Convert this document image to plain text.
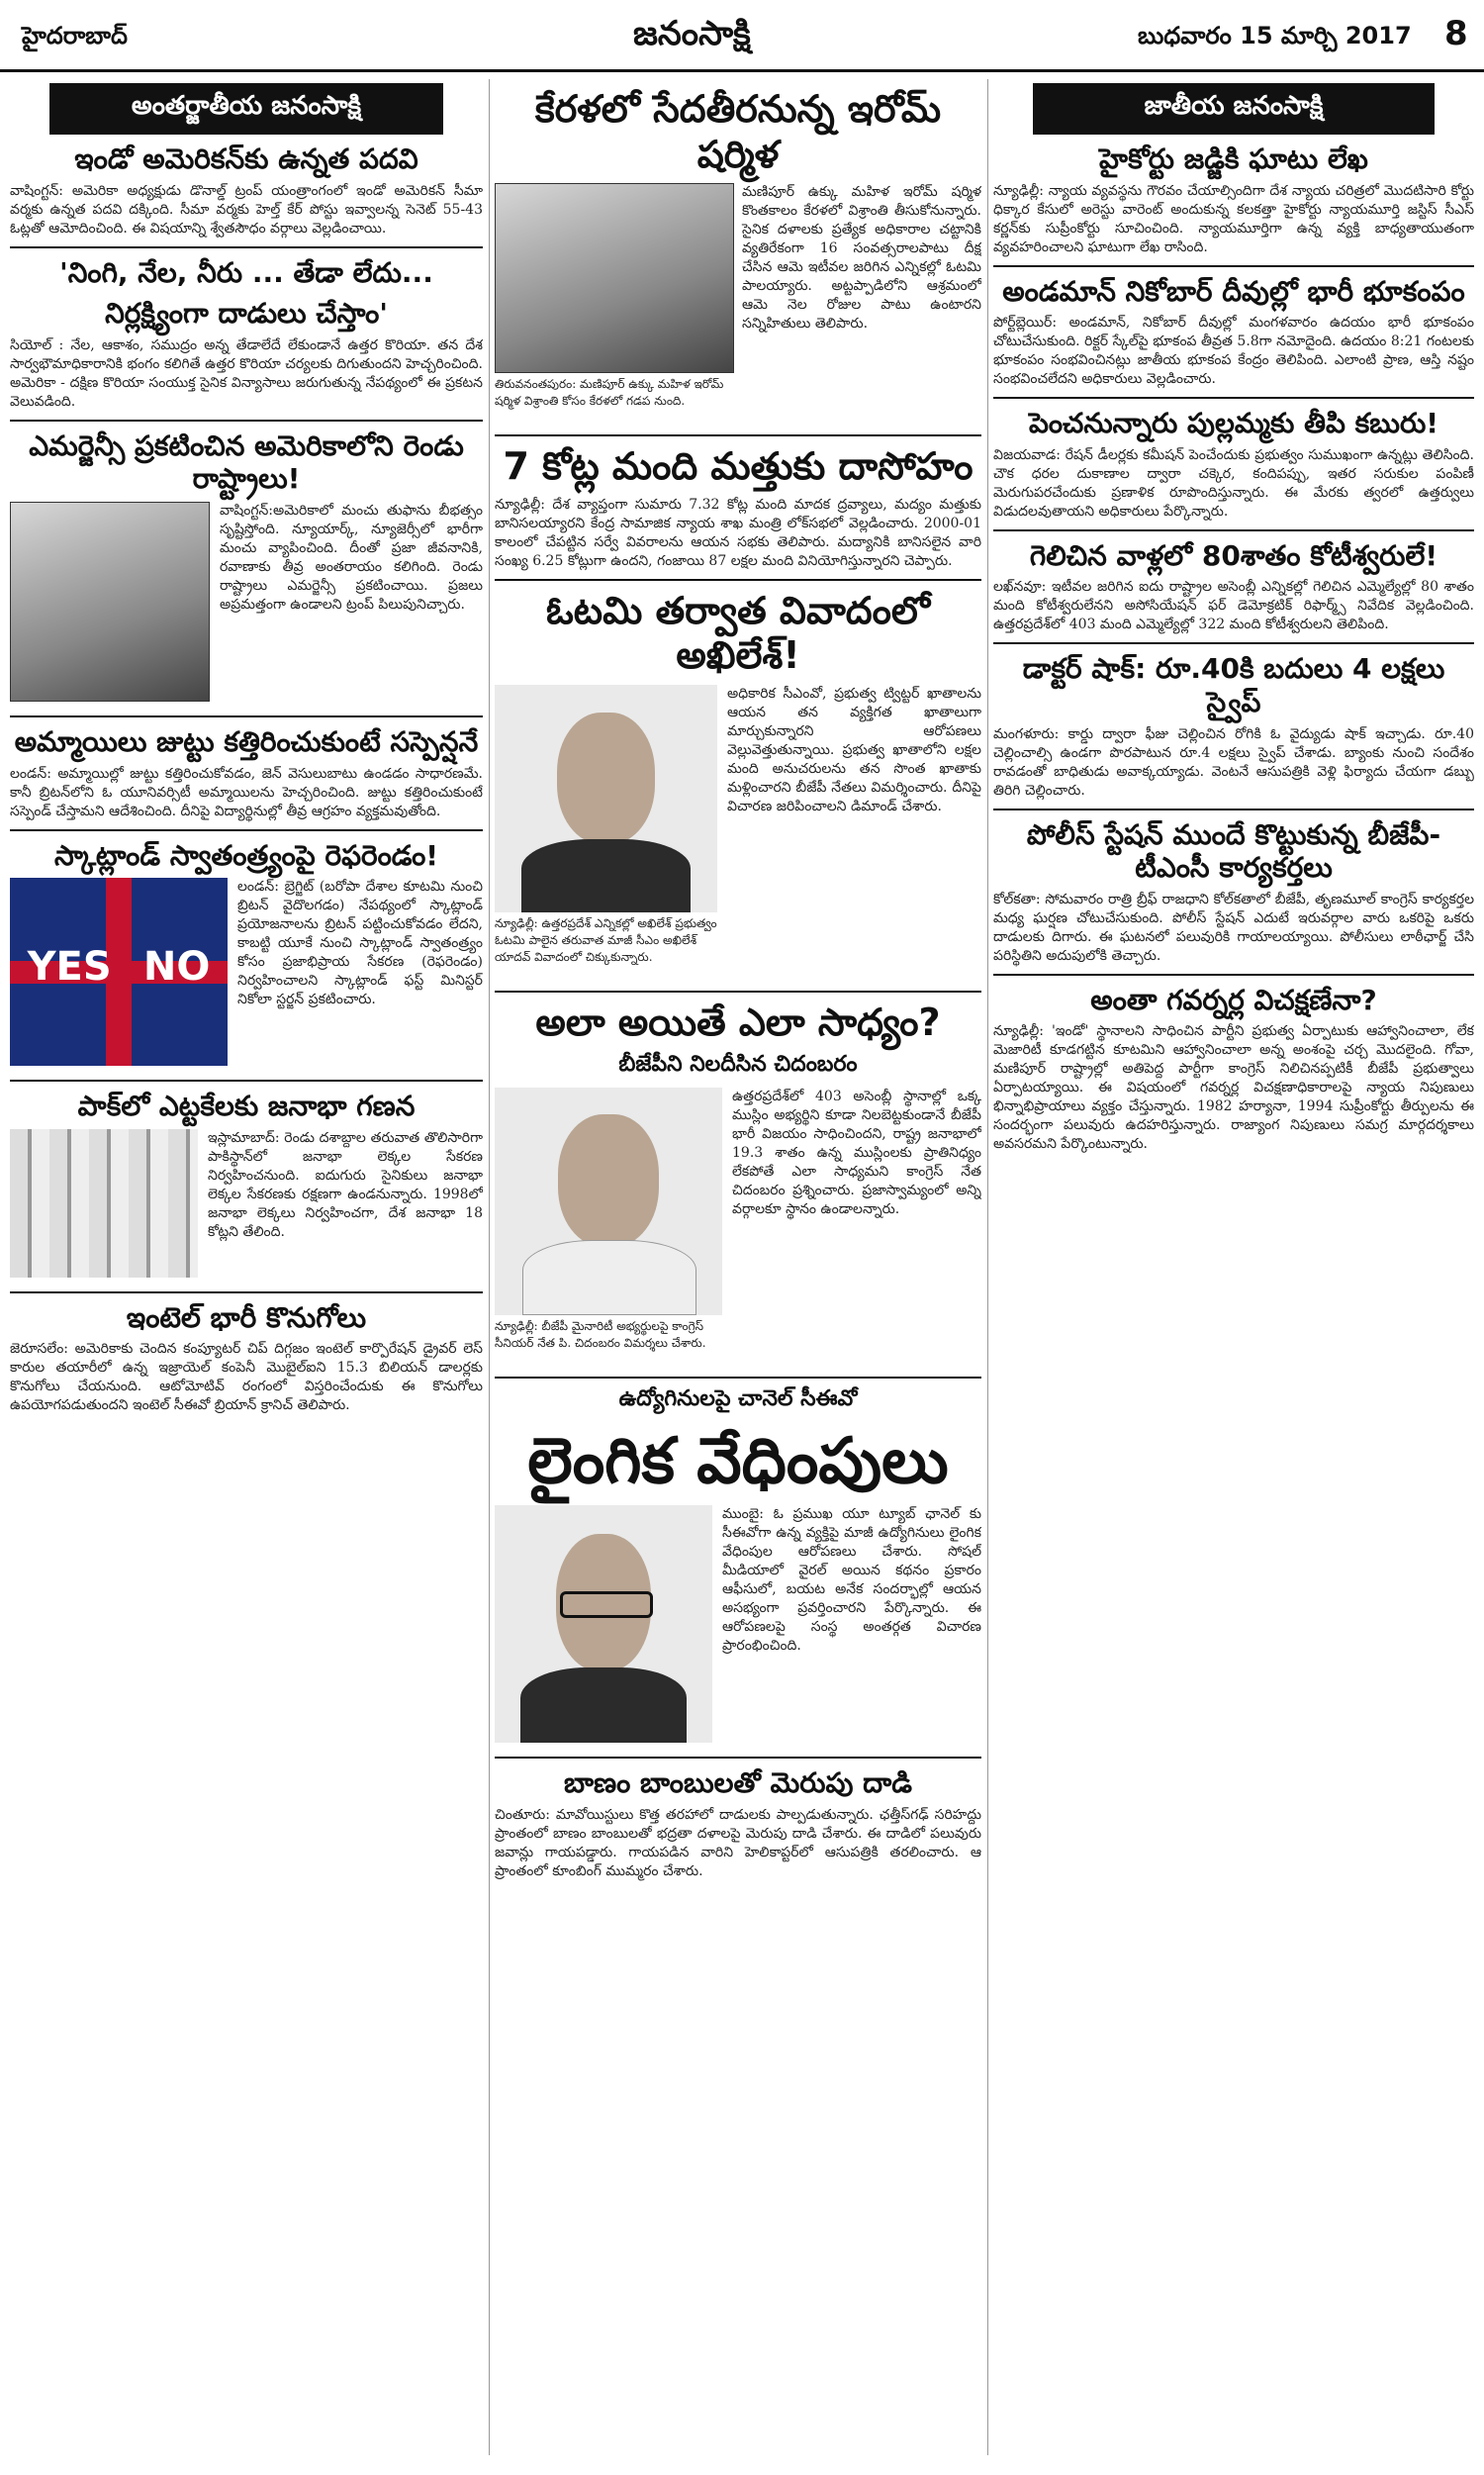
హైదరాబాద్	జనంసాక్షి	బుధవారం 15 మార్చి 2017 8
అంతర్జాతీయ జనంసాక్షి
ఇండో అమెరికన్‌కు ఉన్నత పదవి

వాషింగ్టన్‌: అమెరికా అధ్యక్షుడు డొనాల్డ్‌ ట్రంప్‌ యంత్రాంగంలో ఇండో అమెరికన్‌ సీమా వర్మకు ఉన్నత పదవి దక్కింది. సీమా వర్మకు హెల్త్‌ కేర్‌ పోస్టు ఇవ్వాలన్న సెనెట్‌ 55-43 ఓట్లతో ఆమోదించింది. ఈ విషయాన్ని శ్వేతసౌధం వర్గాలు వెల్లడించాయి.

'నింగి, నేల, నీరు ... తేడా లేదు...
నిర్లక్ష్యింగా దాడులు చేస్తాం'

సియోల్‌ : నేల, ఆకాశం, సముద్రం అన్న తేడాలేదే లేకుండానే ఉత్తర కొరియా. తన దేశ సార్వభౌమాధికారానికి భంగం కలిగితే ఉత్తర కొరియా చర్యలకు దిగుతుందని హెచ్చరించింది. అమెరికా - దక్షిణ కొరియా సంయుక్త సైనిక విన్యాసాలు జరుగుతున్న నేపథ్యంలో ఈ ప్రకటన వెలువడింది.

ఎమర్జెన్సీ ప్రకటించిన అమెరికాలోని రెండు రాష్ట్రాలు!

వాషింగ్టన్‌:అమెరికాలో మంచు తుఫాను బీభత్సం సృష్టిస్తోంది. న్యూయార్క్‌, న్యూజెర్సీలో భారీగా మంచు వ్యాపించింది. దీంతో ప్రజా జీవనానికి, రవాణాకు తీవ్ర అంతరాయం కలిగింది. రెండు రాష్ట్రాలు ఎమర్జెన్సీ ప్రకటించాయి. ప్రజలు అప్రమత్తంగా ఉండాలని ట్రంప్‌ పిలుపునిచ్చారు.

అమ్మాయిలు జుట్టు కత్తిరించుకుంటే సస్పెన్షనే

లండన్‌: అమ్మాయిల్లో జుట్టు కత్తిరించుకోవడం, జెన్‌ వెసులుబాటు ఉండడం సాధారణమే. కానీ బ్రిటన్‌లోని ఓ యూనివర్సిటీ అమ్మాయిలను హెచ్చరించింది. జుట్టు కత్తిరించుకుంటే సస్పెండ్‌ చేస్తామని ఆదేశించింది. దీనిపై విద్యార్థినుల్లో తీవ్ర ఆగ్రహం వ్యక్తమవుతోంది.

స్కాట్లాండ్‌ స్వాతంత్ర్యంపై రెఫరెండం!
YES NO

లండన్‌: బ్రెగ్జిట్‌ (బరోపా దేశాల కూటమి నుంచి బ్రిటన్‌ వైదొలగడం) నేపథ్యంలో స్కాట్లాండ్‌ ప్రయోజనాలను బ్రిటన్‌ పట్టించుకోవడం లేదని, కాబట్టి యూకే నుంచి స్కాట్లాండ్‌ స్వాతంత్ర్యం కోసం ప్రజాభిప్రాయ సేకరణ (రెఫరెండం) నిర్వహించాలని స్కాట్లాండ్‌ ఫస్ట్‌ మినిస్టర్‌ నికోలా స్టర్జన్‌ ప్రకటించారు.

పాక్‌లో ఎట్టకేలకు జనాభా గణన

ఇస్లామాబాద్‌: రెండు దశాబ్దాల తరువాత తొలిసారిగా పాకిస్థాన్‌లో జనాభా లెక్కల సేకరణ నిర్వహించనుంది. ఐదుగురు సైనికులు జనాభా లెక్కల సేకరణకు రక్షణగా ఉండనున్నారు. 1998లో జనాభా లెక్కలు నిర్వహించగా, దేశ జనాభా 18 కోట్లని తేలింది.

ఇంటెల్‌ భారీ కొనుగోలు

జెరూసలేం: అమెరికాకు చెందిన కంప్యూటర్‌ చిప్‌ దిగ్గజం ఇంటెల్‌ కార్పొరేషన్‌ డ్రైవర్‌ లెస్‌ కారుల తయారీలో ఉన్న ఇజ్రాయెల్‌ కంపెనీ మొబైల్‌ఐని 15.3 బిలియన్‌ డాలర్లకు కొనుగోలు చేయనుంది. ఆటోమోటివ్‌ రంగంలో విస్తరించేందుకు ఈ కొనుగోలు ఉపయోగపడుతుందని ఇంటెల్‌ సీఈవో బ్రియాన్‌ క్రానిచ్‌ తెలిపారు.

కేరళలో సేదతీరనున్న ఇరోమ్‌ షర్మిళ
తిరువనంతపురం: మణిపూర్‌ ఉక్కు మహిళ ఇరోమ్‌ షర్మిళ విశ్రాంతి కోసం కేరళలో గడప నుంది.

మణిపూర్‌ ఉక్కు మహిళ ఇరోమ్‌ షర్మిళ కొంతకాలం కేరళలో విశ్రాంతి తీసుకోనున్నారు. సైనిక దళాలకు ప్రత్యేక అధికారాల చట్టానికి వ్యతిరేకంగా 16 సంవత్సరాలపాటు దీక్ష చేసిన ఆమె ఇటీవల జరిగిన ఎన్నికల్లో ఓటమి పాలయ్యారు. అట్టప్పాడిలోని ఆశ్రమంలో ఆమె నెల రోజుల పాటు ఉంటారని సన్నిహితులు తెలిపారు.

7 కోట్ల మంది మత్తుకు దాసోహం

న్యూఢిల్లీ: దేశ వ్యాప్తంగా సుమారు 7.32 కోట్ల మంది మాదక ద్రవ్యాలు, మద్యం మత్తుకు బానిసలయ్యారని కేంద్ర సామాజిక న్యాయ శాఖ మంత్రి లోక్‌సభలో వెల్లడించారు. 2000-01 కాలంలో చేపట్టిన సర్వే వివరాలను ఆయన సభకు తెలిపారు. మద్యానికి బానిసలైన వారి సంఖ్య 6.25 కోట్లుగా ఉందని, గంజాయి 87 లక్షల మంది వినియోగిస్తున్నారని చెప్పారు.

ఓటమి తర్వాత వివాదంలో అఖిలేశ్‌!
న్యూఢిల్లీ: ఉత్తరప్రదేశ్‌ ఎన్నికల్లో అఖిలేశ్‌ ప్రభుత్వం ఓటమి పాలైన తరువాత మాజీ సీఎం అఖిలేశ్‌ యాదవ్‌ వివాదంలో చిక్కుకున్నారు.

అధికారిక సీఎంవో, ప్రభుత్వ ట్విట్టర్‌ ఖాతాలను ఆయన తన వ్యక్తిగత ఖాతాలుగా మార్చుకున్నారని ఆరోపణలు వెల్లువెత్తుతున్నాయి. ప్రభుత్వ ఖాతాలోని లక్షల మంది అనుచరులను తన సొంత ఖాతాకు మళ్లించారని బీజేపీ నేతలు విమర్శించారు. దీనిపై విచారణ జరిపించాలని డిమాండ్‌ చేశారు.

అలా అయితే ఎలా సాధ్యం?
బీజేపీని నిలదీసిన చిదంబరం
న్యూఢిల్లీ: బీజేపీ మైనారిటీ అభ్యర్థులపై కాంగ్రెస్‌ సీనియర్‌ నేత పి. చిదంబరం విమర్శలు చేశారు.

ఉత్తరప్రదేశ్‌లో 403 అసెంబ్లీ స్థానాల్లో ఒక్క ముస్లిం అభ్యర్థిని కూడా నిలబెట్టకుండానే బీజేపీ భారీ విజయం సాధించిందని, రాష్ట్ర జనాభాలో 19.3 శాతం ఉన్న ముస్లింలకు ప్రాతినిధ్యం లేకపోతే ఎలా సాధ్యమని కాంగ్రెస్‌ నేత చిదంబరం ప్రశ్నించారు. ప్రజాస్వామ్యంలో అన్ని వర్గాలకూ స్థానం ఉండాలన్నారు.

ఉద్యోగినులపై చానెల్‌ సీఈవో
లైంగిక వేధింపులు

ముంబై: ఓ ప్రముఖ యూ ట్యూబ్‌ ఛానెల్‌ కు సీఈవోగా ఉన్న వ్యక్తిపై మాజీ ఉద్యోగినులు లైంగిక వేధింపుల ఆరోపణలు చేశారు. సోషల్‌ మీడియాలో వైరల్‌ అయిన కథనం ప్రకారం ఆఫీసులో, బయట అనేక సందర్భాల్లో ఆయన అసభ్యంగా ప్రవర్తించారని పేర్కొన్నారు. ఈ ఆరోపణలపై సంస్థ అంతర్గత విచారణ ప్రారంభించింది.

బాణం బాంబులతో మెరుపు దాడి

చింతూరు: మావోయిస్టులు కొత్త తరహాలో దాడులకు పాల్పడుతున్నారు. ఛత్తీస్‌గఢ్‌ సరిహద్దు ప్రాంతంలో బాణం బాంబులతో భద్రతా దళాలపై మెరుపు దాడి చేశారు. ఈ దాడిలో పలువురు జవాన్లు గాయపడ్డారు. గాయపడిన వారిని హెలికాప్టర్‌లో ఆసుపత్రికి తరలించారు. ఆ ప్రాంతంలో కూంబింగ్‌ ముమ్మరం చేశారు.

జాతీయ జనంసాక్షి
హైకోర్టు జడ్జికి ఘాటు లేఖ

న్యూఢిల్లీ: న్యాయ వ్యవస్థను గౌరవం చేయాల్సిందిగా దేశ న్యాయ చరిత్రలో మొదటిసారి కోర్టు ధిక్కార కేసులో అరెస్టు వారెంట్‌ అందుకున్న కలకత్తా హైకోర్టు న్యాయమూర్తి జస్టిస్‌ సీఎస్‌ కర్ణన్‌కు సుప్రీంకోర్టు సూచించింది. న్యాయమూర్తిగా ఉన్న వ్యక్తి బాధ్యతాయుతంగా వ్యవహరించాలని ఘాటుగా లేఖ రాసింది.

అండమాన్‌ నికోబార్‌ దీవుల్లో భారీ భూకంపం

పోర్ట్‌బ్లెయిర్‌: అండమాన్‌, నికోబార్‌ దీవుల్లో మంగళవారం ఉదయం భారీ భూకంపం చోటుచేసుకుంది. రిక్టర్‌ స్కేల్‌పై భూకంప తీవ్రత 5.8గా నమోదైంది. ఉదయం 8:21 గంటలకు భూకంపం సంభవించినట్లు జాతీయ భూకంప కేంద్రం తెలిపింది. ఎలాంటి ప్రాణ, ఆస్తి నష్టం సంభవించలేదని అధికారులు వెల్లడించారు.

పెంచనున్నారు పుల్లమ్మకు తీపి కబురు!

విజయవాడ: రేషన్‌ డీలర్లకు కమీషన్‌ పెంచేందుకు ప్రభుత్వం సుముఖంగా ఉన్నట్లు తెలిసింది. చౌక ధరల దుకాణాల ద్వారా చక్కెర, కందిపప్పు, ఇతర సరుకుల పంపిణీ మెరుగుపరచేందుకు ప్రణాళిక రూపొందిస్తున్నారు. ఈ మేరకు త్వరలో ఉత్తర్వులు విడుదలవుతాయని అధికారులు పేర్కొన్నారు.

గెలిచిన వాళ్లలో 80శాతం కోటీశ్వరులే!

లఖ్‌నవూ: ఇటీవల జరిగిన ఐదు రాష్ట్రాల అసెంబ్లీ ఎన్నికల్లో గెలిచిన ఎమ్మెల్యేల్లో 80 శాతం మంది కోటీశ్వరులేనని అసోసియేషన్‌ ఫర్‌ డెమోక్రటిక్‌ రిఫార్మ్స్‌ నివేదిక వెల్లడించింది. ఉత్తరప్రదేశ్‌లో 403 మంది ఎమ్మెల్యేల్లో 322 మంది కోటీశ్వరులని తెలిపింది.

డాక్టర్‌ షాక్‌: రూ.40కి బదులు 4 లక్షలు స్వైప్‌

మంగళూరు: కార్డు ద్వారా ఫీజు చెల్లించిన రోగికి ఓ వైద్యుడు షాక్‌ ఇచ్చాడు. రూ.40 చెల్లించాల్సి ఉండగా పొరపాటున రూ.4 లక్షలు స్వైప్‌ చేశాడు. బ్యాంకు నుంచి సందేశం రావడంతో బాధితుడు అవాక్కయ్యాడు. వెంటనే ఆసుపత్రికి వెళ్లి ఫిర్యాదు చేయగా డబ్బు తిరిగి చెల్లించారు.

పోలీస్‌ స్టేషన్‌ ముందే కొట్టుకున్న బీజేపీ-టీఎంసీ కార్యకర్తలు

కోల్‌కతా: సోమవారం రాత్రి బ్రీఫ్‌ రాజధాని కోల్‌కతాలో బీజేపీ, తృణమూల్‌ కాంగ్రెస్‌ కార్యకర్తల మధ్య ఘర్షణ చోటుచేసుకుంది. పోలీస్‌ స్టేషన్‌ ఎదుటే ఇరువర్గాల వారు ఒకరిపై ఒకరు దాడులకు దిగారు. ఈ ఘటనలో పలువురికి గాయాలయ్యాయి. పోలీసులు లాఠీఛార్జ్‌ చేసి పరిస్థితిని అదుపులోకి తెచ్చారు.

అంతా గవర్నర్ల విచక్షణేనా?

న్యూఢిల్లీ: 'ఇండో' స్థానాలని సాధించిన పార్టీని ప్రభుత్వ ఏర్పాటుకు ఆహ్వానించాలా, లేక మెజారిటీ కూడగట్టిన కూటమిని ఆహ్వానించాలా అన్న అంశంపై చర్చ మొదలైంది. గోవా, మణిపూర్‌ రాష్ట్రాల్లో అతిపెద్ద పార్టీగా కాంగ్రెస్‌ నిలిచినప్పటికీ బీజేపీ ప్రభుత్వాలు ఏర్పాటయ్యాయి. ఈ విషయంలో గవర్నర్ల విచక్షణాధికారాలపై న్యాయ నిపుణులు భిన్నాభిప్రాయాలు వ్యక్తం చేస్తున్నారు. 1982 హర్యానా, 1994 సుప్రీంకోర్టు తీర్పులను ఈ సందర్భంగా పలువురు ఉదహరిస్తున్నారు. రాజ్యాంగ నిపుణులు సమగ్ర మార్గదర్శకాలు అవసరమని పేర్కొంటున్నారు.
